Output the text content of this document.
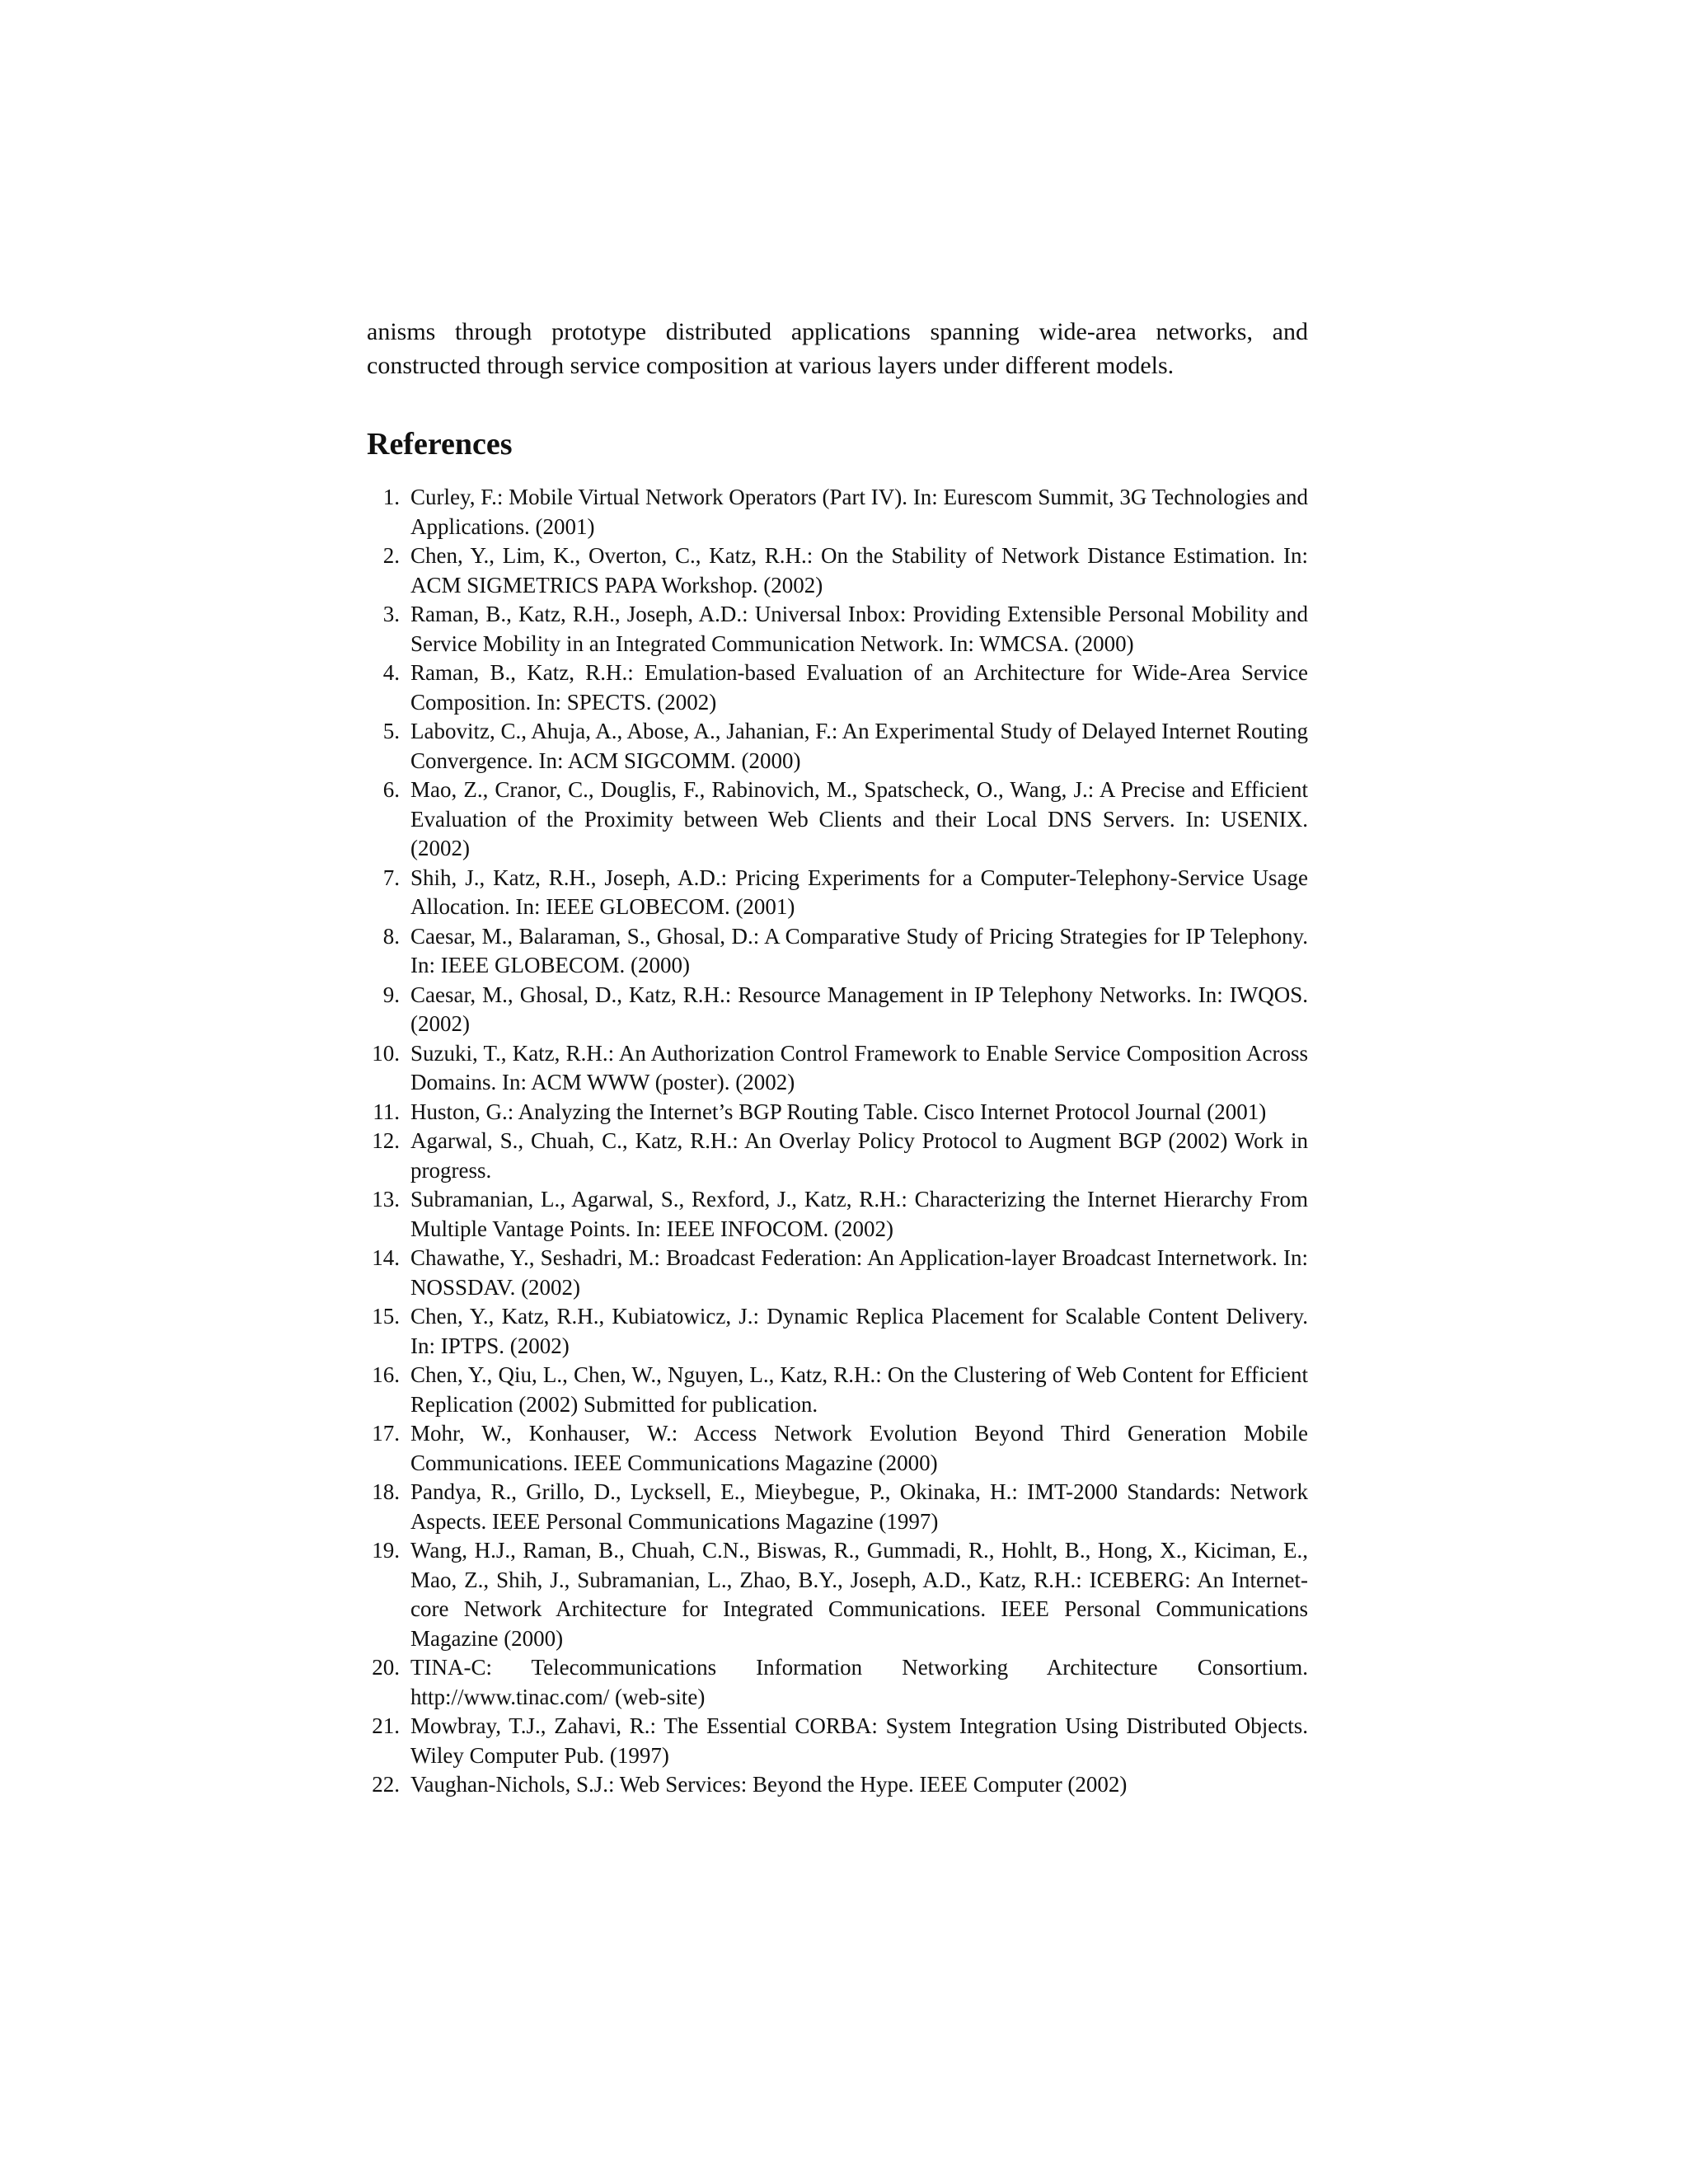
anisms through prototype distributed applications spanning wide-area networks, and constructed through service composition at various layers under different models.

References
1. Curley, F.: Mobile Virtual Network Operators (Part IV). In: Eurescom Summit, 3G Technologies and Applications. (2001)
2. Chen, Y., Lim, K., Overton, C., Katz, R.H.: On the Stability of Network Distance Estimation. In: ACM SIGMETRICS PAPA Workshop. (2002)
3. Raman, B., Katz, R.H., Joseph, A.D.: Universal Inbox: Providing Extensible Personal Mobility and Service Mobility in an Integrated Communication Network. In: WMCSA. (2000)
4. Raman, B., Katz, R.H.: Emulation-based Evaluation of an Architecture for Wide-Area Service Composition. In: SPECTS. (2002)
5. Labovitz, C., Ahuja, A., Abose, A., Jahanian, F.: An Experimental Study of Delayed Internet Routing Convergence. In: ACM SIGCOMM. (2000)
6. Mao, Z., Cranor, C., Douglis, F., Rabinovich, M., Spatscheck, O., Wang, J.: A Precise and Efficient Evaluation of the Proximity between Web Clients and their Local DNS Servers. In: USENIX. (2002)
7. Shih, J., Katz, R.H., Joseph, A.D.: Pricing Experiments for a Computer-Telephony-Service Usage Allocation. In: IEEE GLOBECOM. (2001)
8. Caesar, M., Balaraman, S., Ghosal, D.: A Comparative Study of Pricing Strategies for IP Telephony. In: IEEE GLOBECOM. (2000)
9. Caesar, M., Ghosal, D., Katz, R.H.: Resource Management in IP Telephony Networks. In: IWQOS. (2002)
10. Suzuki, T., Katz, R.H.: An Authorization Control Framework to Enable Service Composition Across Domains. In: ACM WWW (poster). (2002)
11. Huston, G.: Analyzing the Internet’s BGP Routing Table. Cisco Internet Protocol Journal (2001)
12. Agarwal, S., Chuah, C., Katz, R.H.: An Overlay Policy Protocol to Augment BGP (2002) Work in progress.
13. Subramanian, L., Agarwal, S., Rexford, J., Katz, R.H.: Characterizing the Internet Hierarchy From Multiple Vantage Points. In: IEEE INFOCOM. (2002)
14. Chawathe, Y., Seshadri, M.: Broadcast Federation: An Application-layer Broadcast Internetwork. In: NOSSDAV. (2002)
15. Chen, Y., Katz, R.H., Kubiatowicz, J.: Dynamic Replica Placement for Scalable Content Delivery. In: IPTPS. (2002)
16. Chen, Y., Qiu, L., Chen, W., Nguyen, L., Katz, R.H.: On the Clustering of Web Content for Efficient Replication (2002) Submitted for publication.
17. Mohr, W., Konhauser, W.: Access Network Evolution Beyond Third Generation Mobile Communications. IEEE Communications Magazine (2000)
18. Pandya, R., Grillo, D., Lycksell, E., Mieybegue, P., Okinaka, H.: IMT-2000 Standards: Network Aspects. IEEE Personal Communications Magazine (1997)
19. Wang, H.J., Raman, B., Chuah, C.N., Biswas, R., Gummadi, R., Hohlt, B., Hong, X., Kiciman, E., Mao, Z., Shih, J., Subramanian, L., Zhao, B.Y., Joseph, A.D., Katz, R.H.: ICEBERG: An Internet-core Network Architecture for Integrated Communications. IEEE Personal Communications Magazine (2000)
20. TINA-C: Telecommunications Information Networking Architecture Consortium. http://www.tinac.com/ (web-site)
21. Mowbray, T.J., Zahavi, R.: The Essential CORBA: System Integration Using Distributed Objects. Wiley Computer Pub. (1997)
22. Vaughan-Nichols, S.J.: Web Services: Beyond the Hype. IEEE Computer (2002)
